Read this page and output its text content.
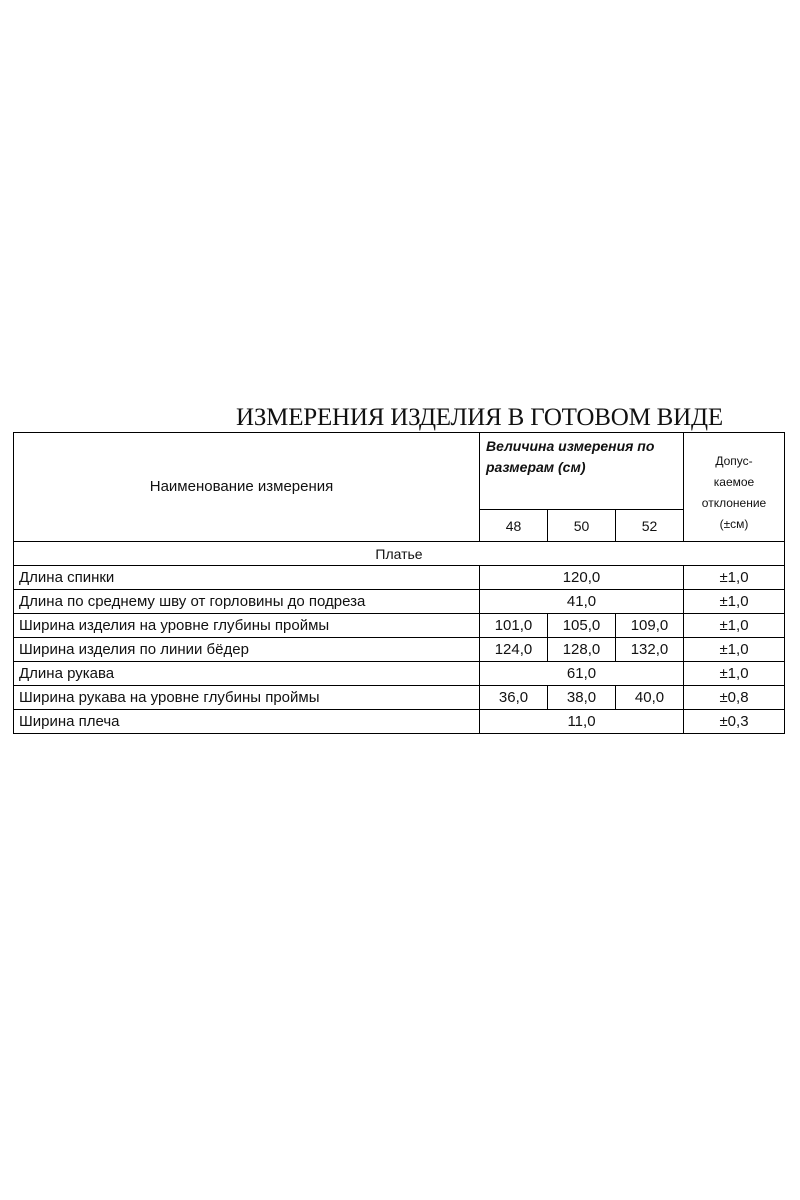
ИЗМЕРЕНИЯ ИЗДЕЛИЯ В ГОТОВОМ ВИДЕ
Наименование измерения	Величина измерения по размерам (см)			Допус-
каемое
отклонение
(±см)

	48	50	52	
Платье				
Длина спинки	120,0			±1,0
Длина по среднему шву от горловины до подреза	41,0			±1,0
Ширина изделия на уровне глубины проймы	101,0	105,0	109,0	±1,0
Ширина изделия по линии бёдер	124,0	128,0	132,0	±1,0
Длина рукава	61,0			±1,0
Ширина рукава на уровне глубины проймы	36,0	38,0	40,0	±0,8
Ширина плеча	11,0			±0,3
